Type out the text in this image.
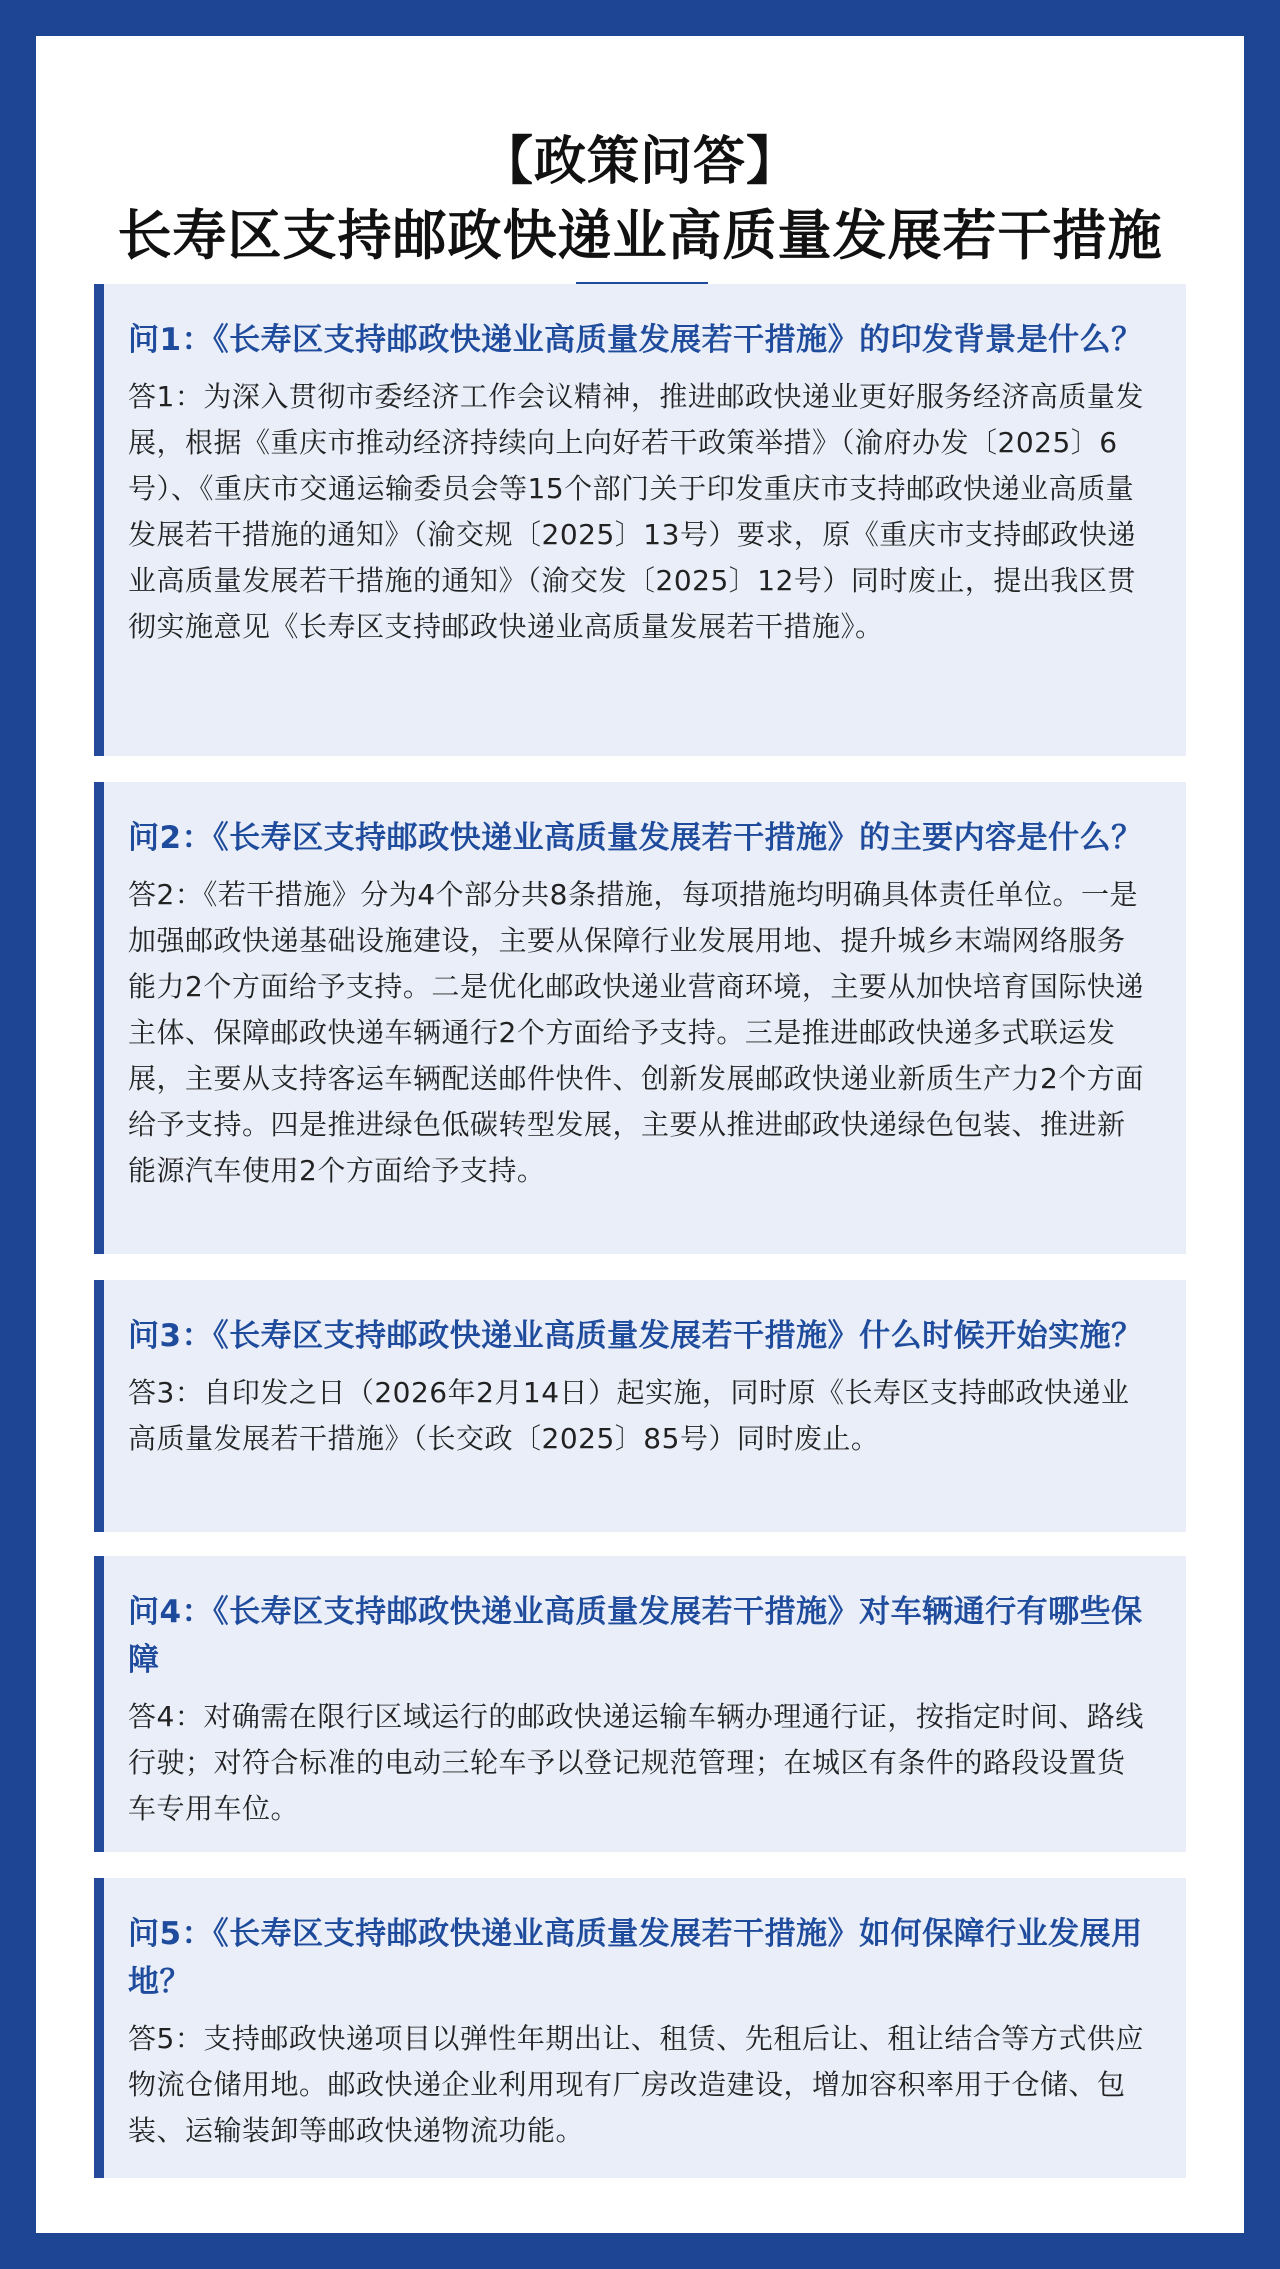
【政策问答】
长寿区支持邮政快递业高质量发展若干措施
问1：《长寿区支持邮政快递业高质量发展若干措施》的印发背景是什么？
答1：为深入贯彻市委经济工作会议精神，推进邮政快递业更好服务经济高质量发展，根据《重庆市推动经济持续向上向好若干政策举措》（渝府办发〔2025〕6号）、《重庆市交通运输委员会等15个部门关于印发重庆市支持邮政快递业高质量发展若干措施的通知》（渝交规〔2025〕13号）要求，原《重庆市支持邮政快递业高质量发展若干措施的通知》（渝交发〔2025〕12号）同时废止，提出我区贯彻实施意见《长寿区支持邮政快递业高质量发展若干措施》。
问2：《长寿区支持邮政快递业高质量发展若干措施》的主要内容是什么？
答2：《若干措施》分为4个部分共8条措施，每项措施均明确具体责任单位。一是加强邮政快递基础设施建设，主要从保障行业发展用地、提升城乡末端网络服务能力2个方面给予支持。二是优化邮政快递业营商环境，主要从加快培育国际快递主体、保障邮政快递车辆通行2个方面给予支持。三是推进邮政快递多式联运发展，主要从支持客运车辆配送邮件快件、创新发展邮政快递业新质生产力2个方面给予支持。四是推进绿色低碳转型发展，主要从推进邮政快递绿色包装、推进新能源汽车使用2个方面给予支持。
问3：《长寿区支持邮政快递业高质量发展若干措施》什么时候开始实施？
答3：自印发之日（2026年2月14日）起实施，同时原《长寿区支持邮政快递业高质量发展若干措施》（长交政〔2025〕85号）同时废止。
问4：《长寿区支持邮政快递业高质量发展若干措施》对车辆通行有哪些保障
答4：对确需在限行区域运行的邮政快递运输车辆办理通行证，按指定时间、路线行驶；对符合标准的电动三轮车予以登记规范管理；在城区有条件的路段设置货车专用车位。
问5：《长寿区支持邮政快递业高质量发展若干措施》如何保障行业发展用地？
答5：支持邮政快递项目以弹性年期出让、租赁、先租后让、租让结合等方式供应物流仓储用地。邮政快递企业利用现有厂房改造建设，增加容积率用于仓储、包装、运输装卸等邮政快递物流功能。
